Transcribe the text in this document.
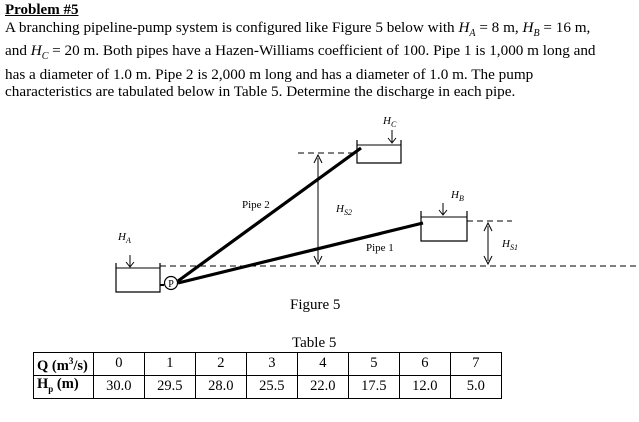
Problem #5
A branching pipeline-pump system is configured like Figure 5 below with $H_A = 8$ m, $H_B = 16$ m,
and $H_C = 20$ m. Both pipes have a Hazen-Williams coefficient of 100. Pipe 1 is 1,000 m long and
has a diameter of 1.0 m. Pipe 2 is 2,000 m long and has a diameter of 1.0 m. The pump
characteristics are tabulated below in Table 5. Determine the discharge in each pipe.
P
$H_C$
$H_B$
$H_A$
Pipe 2
Pipe 1
$H_{S2}$
$H_{S1}$
Figure 5
Table 5
Q $(m^3/s)$	0	1	2	3	4	5	6	7
$H_p$ (m)	30.0	29.5	28.0	25.5	22.0	17.5	12.0	5.0
